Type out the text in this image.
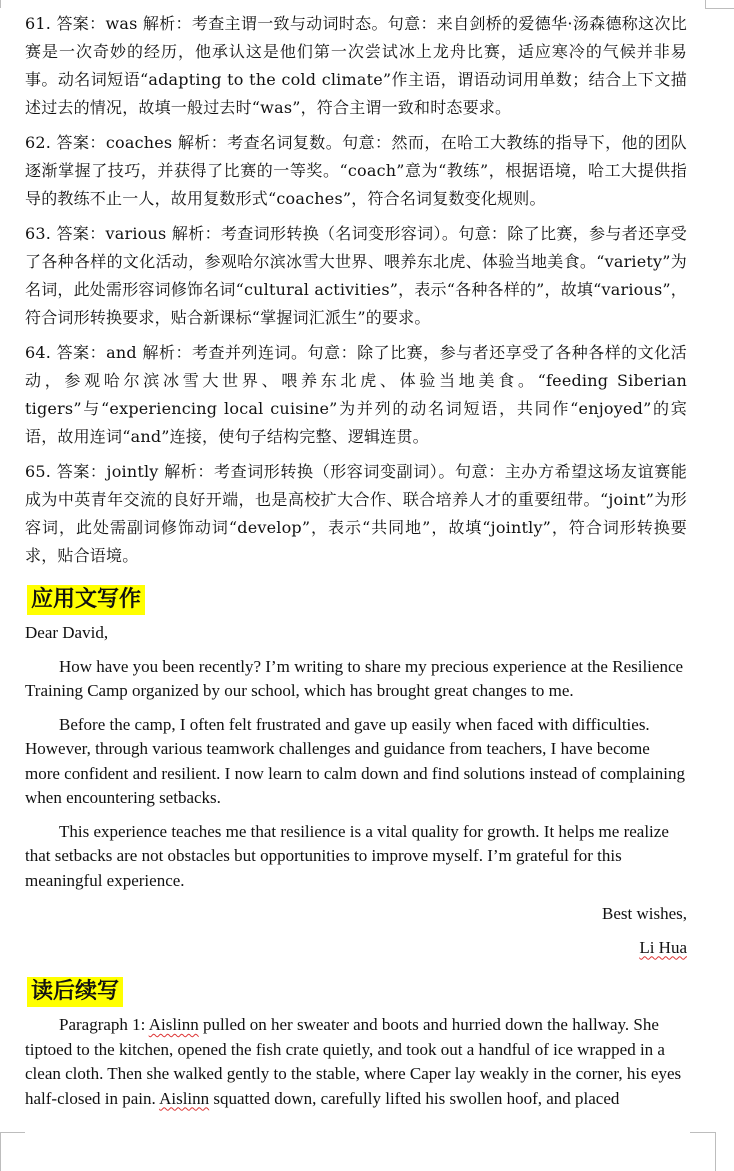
61. 答案：was 解析：考查主谓一致与动词时态。句意：来自剑桥的爱德华·汤森德称这次比赛是一次奇妙的经历，他承认这是他们第一次尝试冰上龙舟比赛，适应寒冷的气候并非易事。动名词短语“adapting to the cold climate”作主语，谓语动词用单数；结合上下文描述过去的情况，故填一般过去时“was”，符合主谓一致和时态要求。

62. 答案：coaches 解析：考查名词复数。句意：然而，在哈工大教练的指导下，他的团队逐渐掌握了技巧，并获得了比赛的一等奖。“coach”意为“教练”，根据语境，哈工大提供指导的教练不止一人，故用复数形式“coaches”，符合名词复数变化规则。

63. 答案：various 解析：考查词形转换（名词变形容词）。句意：除了比赛，参与者还享受了各种各样的文化活动，参观哈尔滨冰雪大世界、喂养东北虎、体验当地美食。“variety”为名词，此处需形容词修饰名词“cultural activities”，表示“各种各样的”，故填“various”，符合词形转换要求，贴合新课标“掌握词汇派生”的要求。

64. 答案：and 解析：考查并列连词。句意：除了比赛，参与者还享受了各种各样的文化活动，参观哈尔滨冰雪大世界、喂养东北虎、体验当地美食。“feeding Siberian tigers”与“experiencing local cuisine”为并列的动名词短语，共同作“enjoyed”的宾语，故用连词“and”连接，使句子结构完整、逻辑连贯。

65. 答案：jointly 解析：考查词形转换（形容词变副词）。句意：主办方希望这场友谊赛能成为中英青年交流的良好开端，也是高校扩大合作、联合培养人才的重要纽带。“joint”为形容词，此处需副词修饰动词“develop”，表示“共同地”，故填“jointly”，符合词形转换要求，贴合语境。

应用文写作

Dear David,

How have you been recently? I’m writing to share my precious experience at the Resilience Training Camp organized by our school, which has brought great changes to me.

Before the camp, I often felt frustrated and gave up easily when faced with difficulties. However, through various teamwork challenges and guidance from teachers, I have become more confident and resilient. I now learn to calm down and find solutions instead of complaining when encountering setbacks.

This experience teaches me that resilience is a vital quality for growth. It helps me realize that setbacks are not obstacles but opportunities to improve myself. I’m grateful for this meaningful experience.

Best wishes,

Li Hua

读后续写

Paragraph 1: Aislinn pulled on her sweater and boots and hurried down the hallway. She tiptoed to the kitchen, opened the fish crate quietly, and took out a handful of ice wrapped in a clean cloth. Then she walked gently to the stable, where Caper lay weakly in the corner, his eyes half-closed in pain. Aislinn squatted down, carefully lifted his swollen hoof, and placed
